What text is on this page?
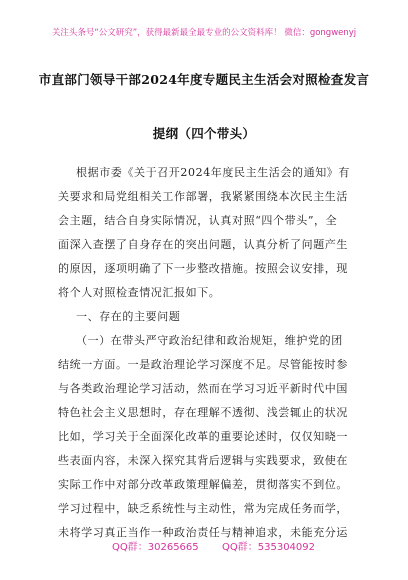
关注头条号“公文研究”，获得最新最全最专业的公文资料库！ 微信：gongwenyj
市直部门领导干部2024年度专题民主生活会对照检查发言
提纲（四个带头）
根据市委《关于召开2024年度民主生活会的通知》有
关要求和局党组相关工作部署，我紧紧围绕本次民主生活
会主题，结合自身实际情况，认真对照“四个带头”，全
面深入查摆了自身存在的突出问题，认真分析了问题产生
的原因，逐项明确了下一步整改措施。按照会议安排，现
将个人对照检查情况汇报如下。
一、存在的主要问题
（一）在带头严守政治纪律和政治规矩，维护党的团
结统一方面。一是政治理论学习深度不足。尽管能按时参
与各类政治理论学习活动，然而在学习习近平新时代中国
特色社会主义思想时，存在理解不透彻、浅尝辄止的状况
比如，学习关于全面深化改革的重要论述时，仅仅知晓一
些表面内容，未深入探究其背后逻辑与实践要求，致使在
实际工作中对部分改革政策理解偏差，贯彻落实不到位。
学习过程中，缺乏系统性与主动性，常为完成任务而学，
未将学习真正当作一种政治责任与精神追求，未能充分运
QQ群：30265665 QQ群：535304092
